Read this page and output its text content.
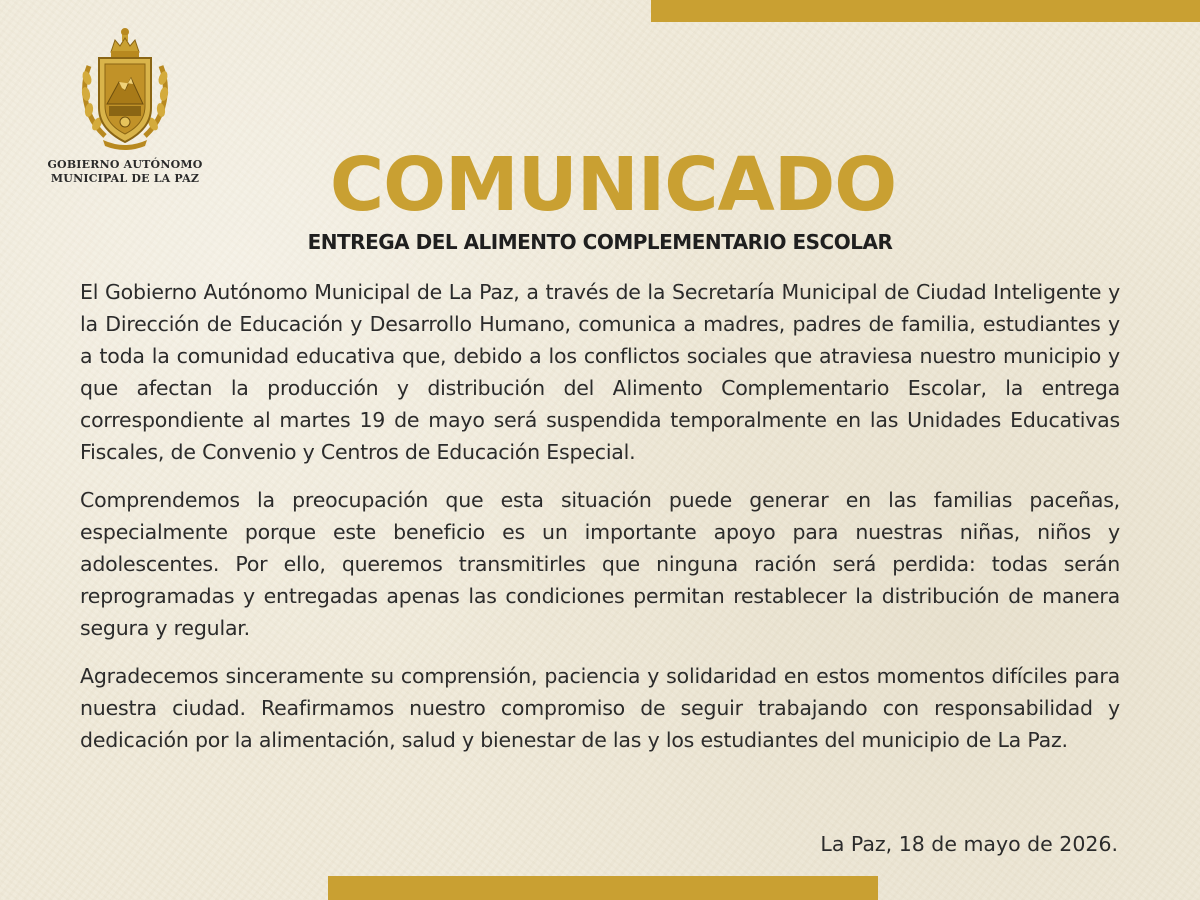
GOBIERNO AUTÓNOMO
MUNICIPAL DE LA PAZ	COMUNICADO
ENTREGA DEL ALIMENTO COMPLEMENTARIO ESCOLAR

El Gobierno Autónomo Municipal de La Paz, a través de la Secretaría Municipal de Ciudad Inteligente y la Dirección de Educación y Desarrollo Humano, comunica a madres, padres de familia, estudiantes y a toda la comunidad educativa que, debido a los conflictos sociales que atraviesa nuestro municipio y que afectan la producción y distribución del Alimento Complementario Escolar, la entrega correspondiente al martes 19 de mayo será suspendida temporalmente en las Unidades Educativas Fiscales, de Convenio y Centros de Educación Especial.

Comprendemos la preocupación que esta situación puede generar en las familias paceñas, especialmente porque este beneficio es un importante apoyo para nuestras niñas, niños y adolescentes. Por ello, queremos transmitirles que ninguna ración será perdida: todas serán reprogramadas y entregadas apenas las condiciones permitan restablecer la distribución de manera segura y regular.

Agradecemos sinceramente su comprensión, paciencia y solidaridad en estos momentos difíciles para nuestra ciudad. Reafirmamos nuestro compromiso de seguir trabajando con responsabilidad y dedicación por la alimentación, salud y bienestar de las y los estudiantes del municipio de La Paz.

La Paz, 18 de mayo de 2026.
